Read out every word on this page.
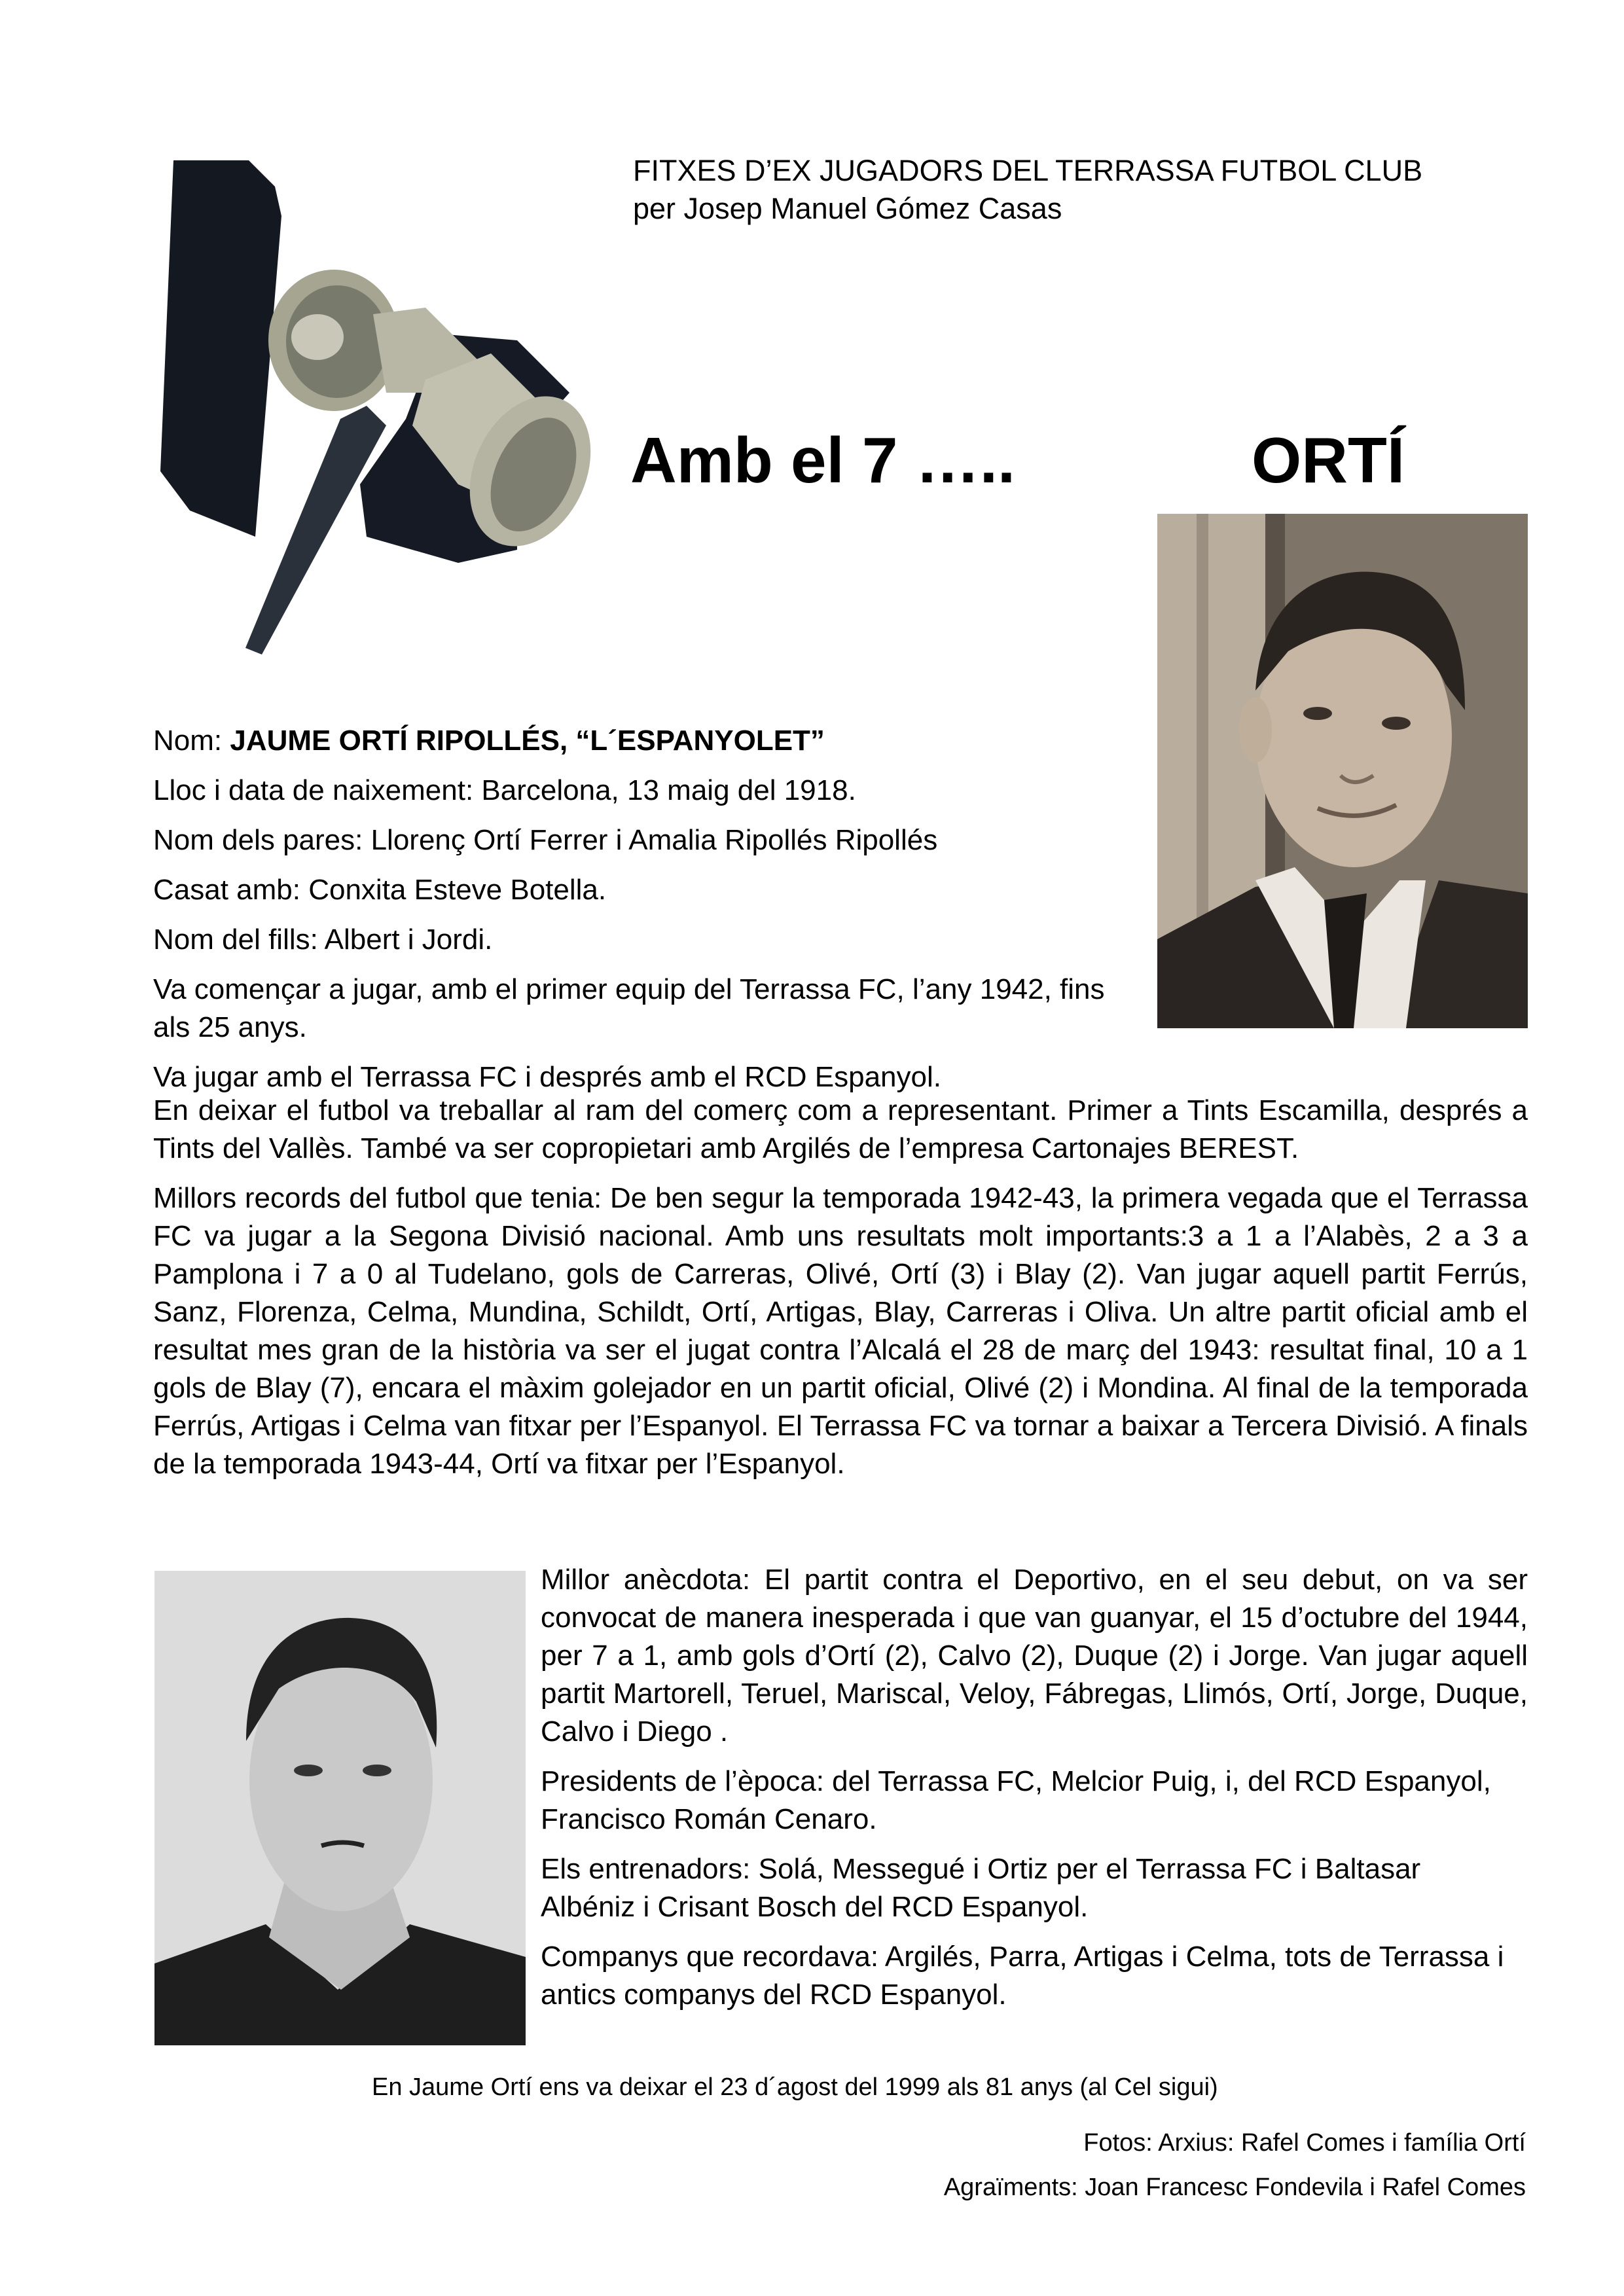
FITXES D’EX JUGADORS DEL TERRASSA FUTBOL CLUB
per Josep Manuel Gómez Casas
Amb el 7 …..	ORTÍ

Nom: JAUME ORTÍ RIPOLLÉS, “L´ESPANYOLET”

Lloc i data de naixement: Barcelona, 13 maig del 1918.

Nom dels pares: Llorenç Ortí Ferrer i Amalia Ripollés Ripollés

Casat amb: Conxita Esteve Botella.

Nom del fills: Albert i Jordi.

Va començar a jugar, amb el primer equip del Terrassa FC, l’any 1942, fins als 25 anys.

Va jugar amb el Terrassa FC i després amb el RCD Espanyol.

En deixar el futbol va treballar al ram del comerç com a representant. Primer a Tints Escamilla, després a Tints del Vallès. També va ser copropietari amb Argilés de l’empresa Cartonajes BEREST.

Millors records del futbol que tenia: De ben segur la temporada 1942-43, la primera vegada que el Terrassa FC va jugar a la Segona Divisió nacional. Amb uns resultats molt importants:3 a 1 a l’Alabès, 2 a 3 a Pamplona i 7 a 0 al Tudelano, gols de Carreras, Olivé, Ortí (3) i Blay (2). Van jugar aquell partit Ferrús, Sanz, Florenza, Celma, Mundina, Schildt, Ortí, Artigas, Blay, Carreras i Oliva. Un altre partit oficial amb el resultat mes gran de la història va ser el jugat contra l’Alcalá el 28 de març del 1943: resultat final, 10 a 1 gols de Blay (7), encara el màxim golejador en un partit oficial, Olivé (2) i Mondina. Al final de la temporada Ferrús, Artigas i Celma van fitxar per l’Espanyol. El Terrassa FC va tornar a baixar a Tercera Divisió. A finals de la temporada 1943-44, Ortí va fitxar per l’Espanyol.

Millor anècdota: El partit contra el Deportivo, en el seu debut, on va ser convocat de manera inesperada i que van guanyar, el 15 d’octubre del 1944, per 7 a 1, amb gols d’Ortí (2), Calvo (2), Duque (2) i Jorge. Van jugar aquell partit Martorell, Teruel, Mariscal, Veloy, Fábregas, Llimós, Ortí, Jorge, Duque, Calvo i Diego .

Presidents de l’època: del Terrassa FC, Melcior Puig, i, del RCD Espanyol, Francisco Román Cenaro.

Els entrenadors: Solá, Messegué i Ortiz per el Terrassa FC i Baltasar Albéniz i Crisant Bosch del RCD Espanyol.

Companys que recordava: Argilés, Parra, Artigas i Celma, tots de Terrassa i antics companys del RCD Espanyol.

En Jaume Ortí ens va deixar el 23 d´agost del 1999 als 81 anys (al Cel sigui)
Fotos: Arxius: Rafel Comes i família Ortí
Agraïments: Joan Francesc Fondevila i Rafel Comes
